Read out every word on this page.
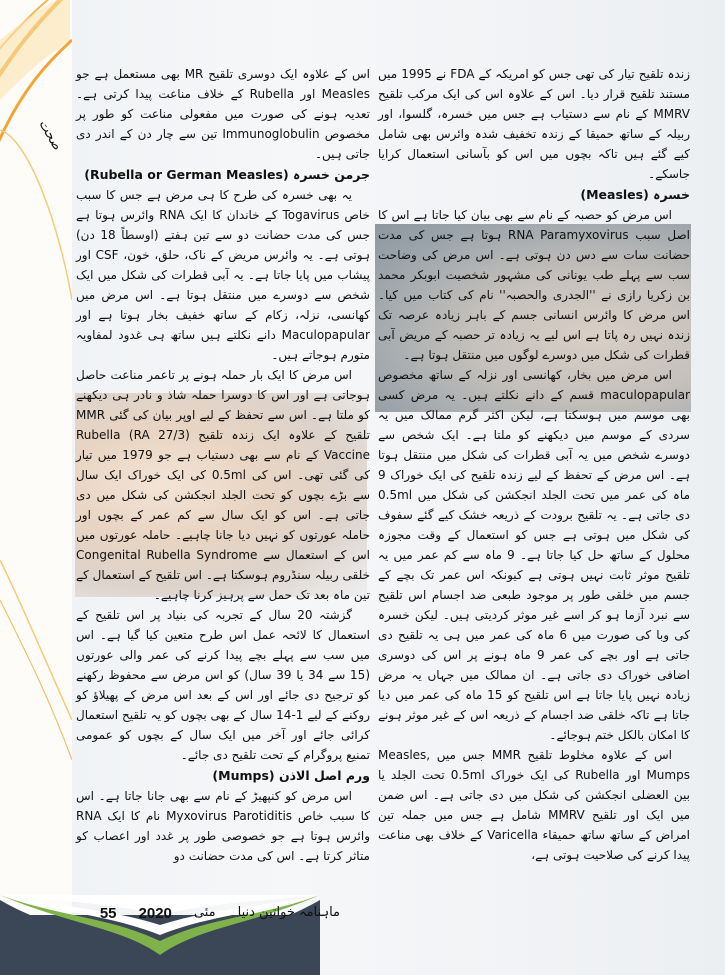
صحت

زندہ تلقیح تیار کی تھی جس کو امریکہ کے FDA نے 1995 میں مستند تلقیح قرار دیا۔ اس کے علاوہ اس کی ایک مرکب تلقیح MMRV کے نام سے دستیاب ہے جس میں خسرہ، گلسوا، اور ربیلہ کے ساتھ حمیقا کے زندہ تخفیف شدہ وائرس بھی شامل کیے گئے ہیں تاکہ بچوں میں اس کو بآسانی استعمال کرایا جاسکے۔

خسرہ (Measles)

اس مرض کو حصبہ کے نام سے بھی بیان کیا جاتا ہے اس کا اصل سبب RNA Paramyxovirus ہوتا ہے جس کی مدت حضانت سات سے دس دن ہوتی ہے۔ اس مرض کی وضاحت سب سے پہلے طب یونانی کی مشہور شخصیت ابوبکر محمد بن زکریا رازی نے ''الجدری والحصبہ'' نام کی کتاب میں کیا۔ اس مرض کا وائرس انسانی جسم کے باہر زیادہ عرصہ تک زندہ نہیں رہ پاتا ہے اس لیے یہ زیادہ تر حصبہ کے مریض آبی قطرات کی شکل میں دوسرے لوگوں میں منتقل ہوتا ہے۔

اس مرض میں بخار، کھانسی اور نزلہ کے ساتھ مخصوص maculopapular قسم کے دانے نکلتے ہیں۔ یہ مرض کسی بھی موسم میں ہوسکتا ہے، لیکن اکثر گرم ممالک میں یہ سردی کے موسم میں دیکھنے کو ملتا ہے۔ ایک شخص سے دوسرے شخص میں یہ آبی قطرات کی شکل میں منتقل ہوتا ہے۔ اس مرض کے تحفظ کے لیے زندہ تلقیح کی ایک خوراک 9 ماہ کی عمر میں تحت الجلد انجکشن کی شکل میں 0.5ml دی جاتی ہے۔ یہ تلقیح برودت کے ذریعہ خشک کیے گئے سفوف کی شکل میں ہوتی ہے جس کو استعمال کے وقت مجوزہ محلول کے ساتھ حل کیا جاتا ہے۔ 9 ماہ سے کم عمر میں یہ تلقیح موثر ثابت نہیں ہوتی ہے کیونکہ اس عمر تک بچے کے جسم میں خلقی طور پر موجود طبعی ضد اجسام اس تلقیح سے نبرد آزما ہو کر اسے غیر موثر کردیتی ہیں۔ لیکن خسرہ کی وبا کی صورت میں 6 ماہ کی عمر میں ہی یہ تلقیح دی جاتی ہے اور بچے کی عمر 9 ماہ ہونے پر اس کی دوسری اضافی خوراک دی جاتی ہے۔ ان ممالک میں جہاں یہ مرض زیادہ نہیں پایا جاتا ہے اس تلقیح کو 15 ماہ کی عمر میں دیا جاتا ہے تاکہ خلقی ضد اجسام کے ذریعہ اس کے غیر موثر ہونے کا امکان بالکل ختم ہوجائے۔

اس کے علاوہ مخلوط تلقیح MMR جس میں Measles, Mumps اور Rubella کی ایک خوراک 0.5ml تحت الجلد یا بین العضلی انجکشن کی شکل میں دی جاتی ہے۔ اس ضمن میں ایک اور تلقیح MMRV شامل ہے جس میں جملہ تین امراض کے ساتھ ساتھ حمیقاء Varicella کے خلاف بھی مناعت پیدا کرنے کی صلاحیت ہوتی ہے،

اس کے علاوہ ایک دوسری تلقیح MR بھی مستعمل ہے جو Measles اور Rubella کے خلاف مناعت پیدا کرتی ہے۔ تعدیہ ہونے کی صورت میں مفعولی مناعت کو طور پر مخصوص Immunoglobulin تین سے چار دن کے اندر دی جاتی ہیں۔

جرمن خسرہ (Rubella or German Measles)

یہ بھی خسرہ کی طرح کا ہی مرض ہے جس کا سبب خاص Togavirus کے خاندان کا ایک RNA وائرس ہوتا ہے جس کی مدت حضانت دو سے تین ہفتے (اوسطاً 18 دن) ہوتی ہے۔ یہ وائرس مریض کے ناک، حلق، خون، CSF اور پیشاب میں پایا جاتا ہے۔ یہ آبی قطرات کی شکل میں ایک شخص سے دوسرے میں منتقل ہوتا ہے۔ اس مرض میں کھانسی، نزلہ، زکام کے ساتھ خفیف بخار ہوتا ہے اور Maculopapular دانے نکلتے ہیں ساتھ ہی غدود لمفاویہ متورم ہوجاتے ہیں۔

اس مرض کا ایک بار حملہ ہونے پر تاعمر مناعت حاصل ہوجاتی ہے اور اس کا دوسرا حملہ شاذ و نادر ہی دیکھنے کو ملتا ہے۔ اس سے تحفظ کے لیے اوپر بیان کی گئی MMR تلقیح کے علاوہ ایک زندہ تلقیح Rubella (RA 27/3) Vaccine کے نام سے بھی دستیاب ہے جو 1979 میں تیار کی گئی تھی۔ اس کی 0.5ml کی ایک خوراک ایک سال سے بڑے بچوں کو تحت الجلد انجکشن کی شکل میں دی جاتی ہے۔ اس کو ایک سال سے کم عمر کے بچوں اور حاملہ عورتوں کو نہیں دیا جانا چاہیے۔ حاملہ عورتوں میں اس کے استعمال سے Congenital Rubella Syndrome خلقی ربیلہ سنڈروم ہوسکتا ہے۔ اس تلقیح کے استعمال کے تین ماہ بعد تک حمل سے پرہیز کرنا چاہیے۔

گزشتہ 20 سال کے تجربہ کی بنیاد پر اس تلقیح کے استعمال کا لائحہ عمل اس طرح متعین کیا گیا ہے۔ اس میں سب سے پہلے بچے پیدا کرنے کی عمر والی عورتوں (15 سے 34 یا 39 سال) کو اس مرض سے محفوظ رکھنے کو ترجیح دی جائے اور اس کے بعد اس مرض کے پھیلاؤ کو روکنے کے لیے 1-14 سال کے بھی بچوں کو یہ تلقیح استعمال کرائی جائے اور آخر میں ایک سال کے بچوں کو عمومی تمنیع پروگرام کے تحت تلقیح دی جائے۔

ورم اصل الاذن (Mumps)

اس مرض کو کنپھیڑ کے نام سے بھی جانا جاتا ہے۔ اس کا سبب خاص Myxovirus Parotiditis نام کا ایک RNA وائرس ہوتا ہے جو خصوصی طور پر غدد اور اعصاب کو متاثر کرتا ہے۔ اس کی مدت حضانت دو

ماہنامہ خواتین دنیا
مئی
2020
55
